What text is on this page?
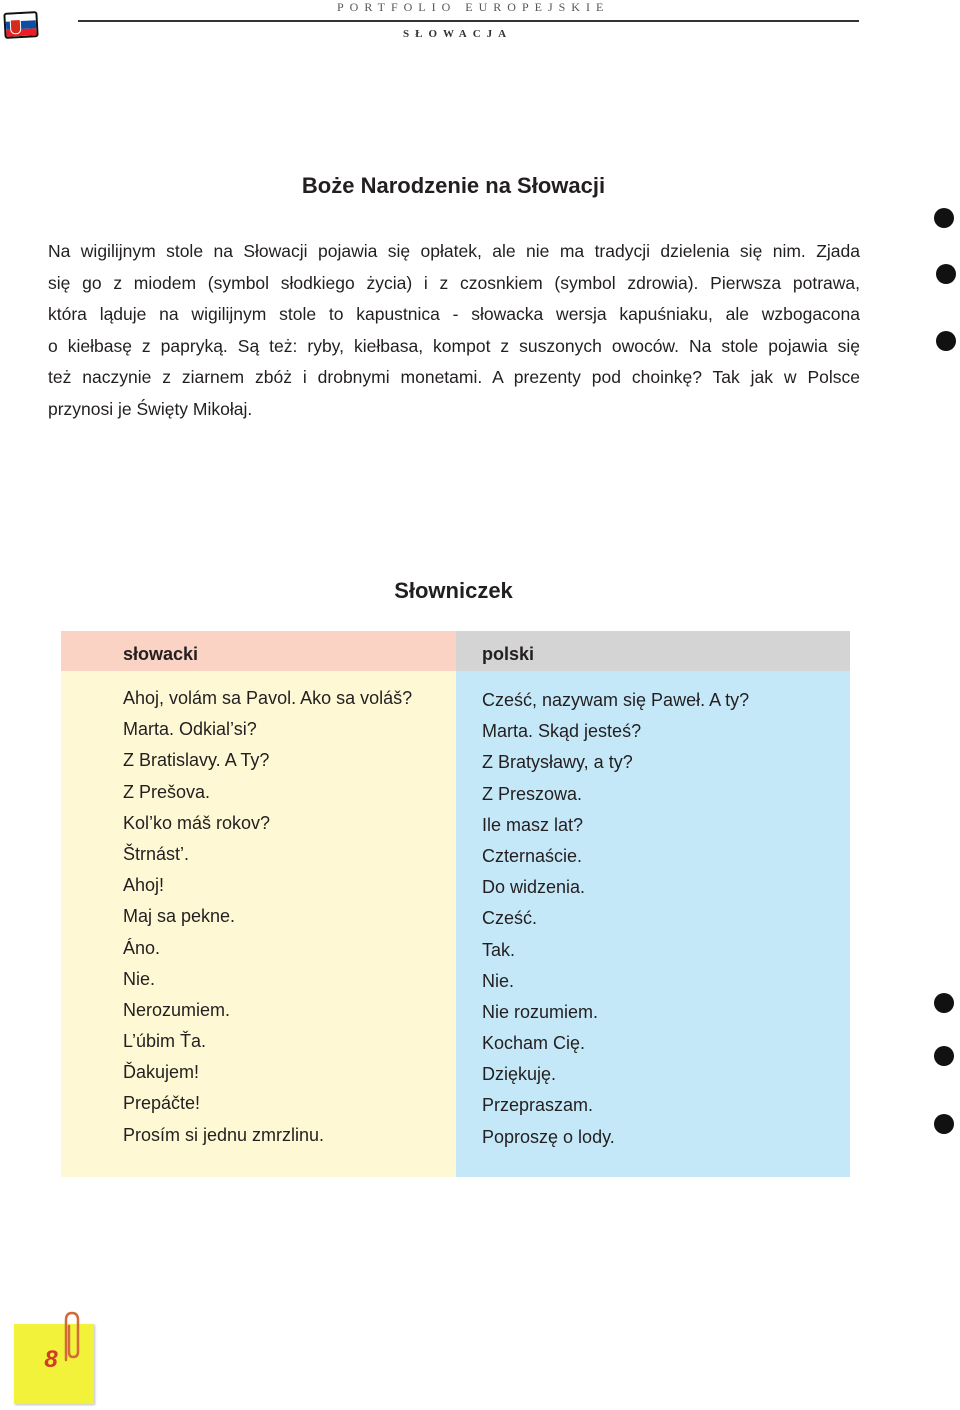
PORTFOLIO EUROPEJSKIE
SŁOWACJA
Boże Narodzenie na Słowacji
Na wigilijnym stole na Słowacji pojawia się opłatek, ale nie ma tradycji dzielenia się nim. Zjada
się go z miodem (symbol słodkiego życia) i z czosnkiem (symbol zdrowia). Pierwsza potrawa,
która ląduje na wigilijnym stole to kapustnica - słowacka wersja kapuśniaku, ale wzbogacona
o kiełbasę z papryką. Są też: ryby, kiełbasa, kompot z suszonych owoców. Na stole pojawia się
też naczynie z ziarnem zbóż i drobnymi monetami. A prezenty pod choinkę? Tak jak w Polsce
przynosi je Święty Mikołaj.
Słowniczek
słowacki
Ahoj, volám sa Pavol. Ako sa voláš?
Marta. Odkial’si?
Z Bratislavy. A Ty?
Z Prešova.
Kol’ko máš rokov?
Štrnást’.
Ahoj!
Maj sa pekne.
Áno.
Nie.
Nerozumiem.
L’úbim Ťa.
Ďakujem!
Prepáčte!
Prosím si jednu zmrzlinu.
polski
Cześć, nazywam się Paweł. A ty?
Marta. Skąd jesteś?
Z Bratysławy, a ty?
Z Preszowa.
Ile masz lat?
Czternaście.
Do widzenia.
Cześć.
Tak.
Nie.
Nie rozumiem.
Kocham Cię.
Dziękuję.
Przepraszam.
Poproszę o lody.
8
